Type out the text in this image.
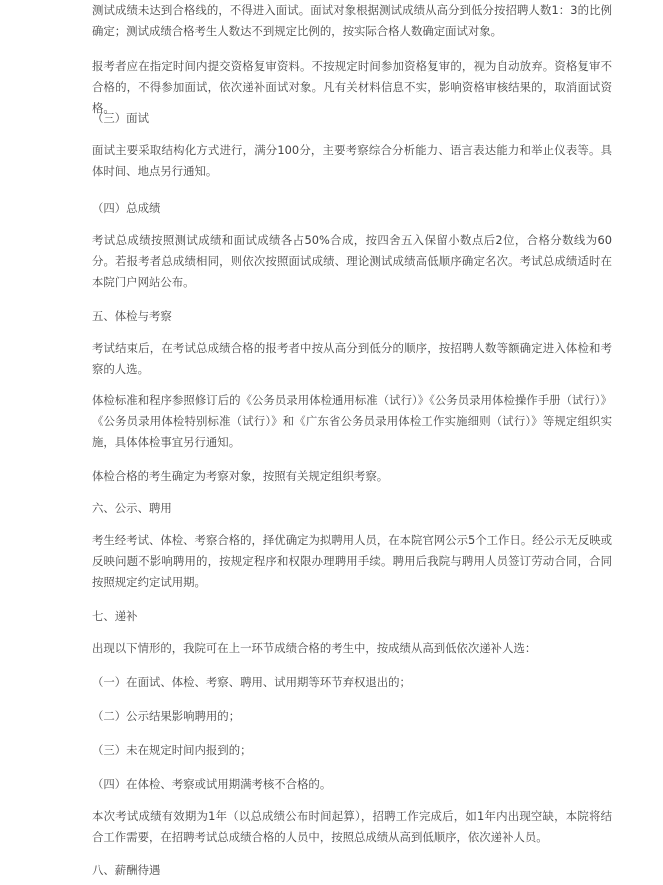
测试成绩未达到合格线的，不得进入面试。面试对象根据测试成绩从高分到低分按招聘人数1：3的比例确定；测试成绩合格考生人数达不到规定比例的，按实际合格人数确定面试对象。

报考者应在指定时间内提交资格复审资料。不按规定时间参加资格复审的，视为自动放弃。资格复审不合格的，不得参加面试，依次递补面试对象。凡有关材料信息不实，影响资格审核结果的，取消面试资格。

（三）面试

面试主要采取结构化方式进行，满分100分，主要考察综合分析能力、语言表达能力和举止仪表等。具体时间、地点另行通知。

（四）总成绩

考试总成绩按照测试成绩和面试成绩各占50%合成，按四舍五入保留小数点后2位，合格分数线为60分。若报考者总成绩相同，则依次按照面试成绩、理论测试成绩高低顺序确定名次。考试总成绩适时在本院门户网站公布。

五、体检与考察

考试结束后，在考试总成绩合格的报考者中按从高分到低分的顺序，按招聘人数等额确定进入体检和考察的人选。

体检标准和程序参照修订后的《公务员录用体检通用标准（试行）》《公务员录用体检操作手册（试行）》《公务员录用体检特别标准（试行）》和《广东省公务员录用体检工作实施细则（试行）》等规定组织实施，具体体检事宜另行通知。

体检合格的考生确定为考察对象，按照有关规定组织考察。

六、公示、聘用

考生经考试、体检、考察合格的，择优确定为拟聘用人员，在本院官网公示5个工作日。经公示无反映或反映问题不影响聘用的，按规定程序和权限办理聘用手续。聘用后我院与聘用人员签订劳动合同，合同按照规定约定试用期。

七、递补

出现以下情形的，我院可在上一环节成绩合格的考生中，按成绩从高到低依次递补人选：

（一）在面试、体检、考察、聘用、试用期等环节弃权退出的；

（二）公示结果影响聘用的；

（三）未在规定时间内报到的；

（四）在体检、考察或试用期满考核不合格的。

本次考试成绩有效期为1年（以总成绩公布时间起算），招聘工作完成后，如1年内出现空缺，本院将结合工作需要，在招聘考试总成绩合格的人员中，按照总成绩从高到低顺序，依次递补人员。

八、薪酬待遇
